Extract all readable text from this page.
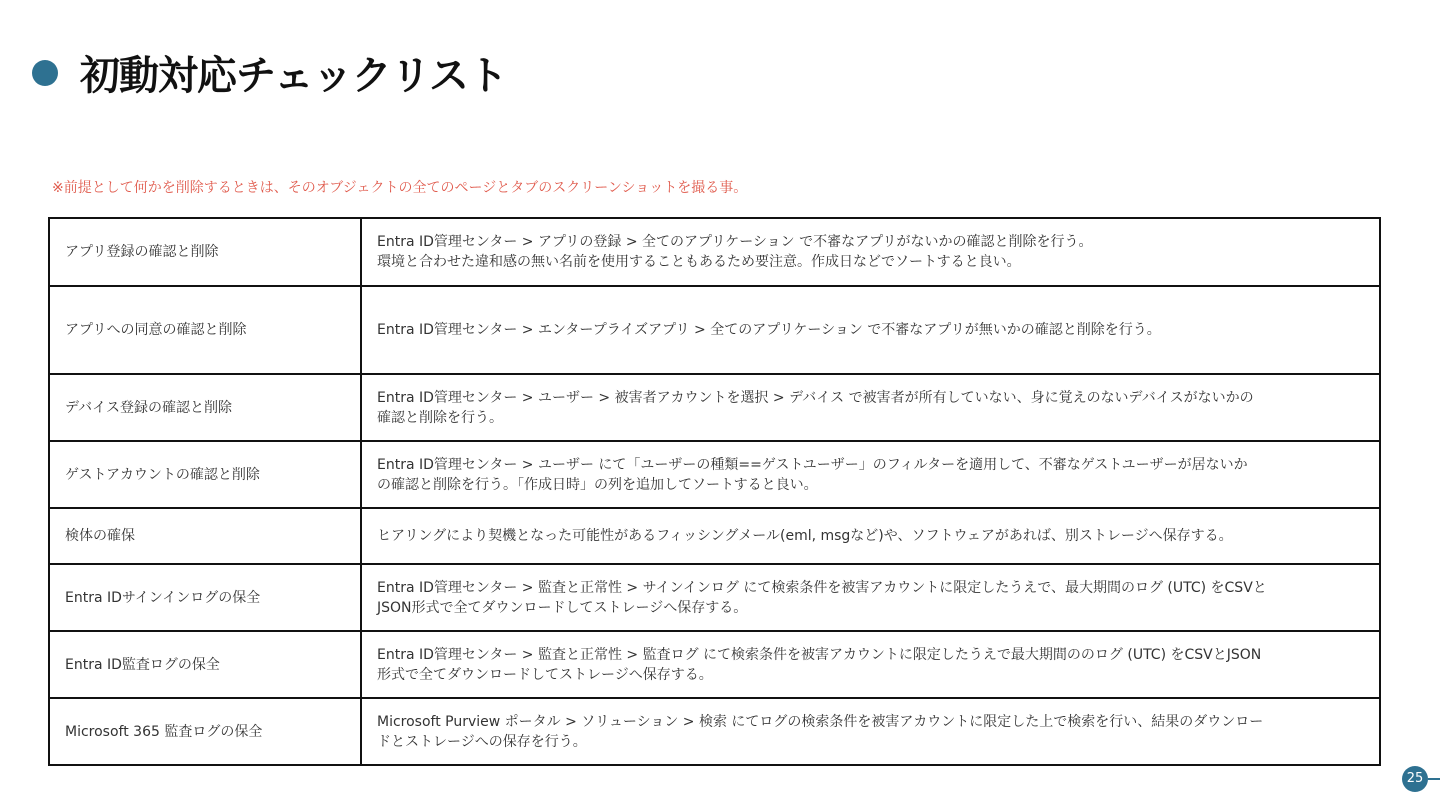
初動対応チェックリスト
※前提として何かを削除するときは、そのオブジェクトの全てのページとタブのスクリーンショットを撮る事。
アプリ登録の確認と削除	Entra ID管理センター > アプリの登録 > 全てのアプリケーション で不審なアプリがないかの確認と削除を行う。
環境と合わせた違和感の無い名前を使用することもあるため要注意。作成日などでソートすると良い。

アプリへの同意の確認と削除	Entra ID管理センター > エンタープライズアプリ > 全てのアプリケーション で不審なアプリが無いかの確認と削除を行う。

デバイス登録の確認と削除	Entra ID管理センター > ユーザー > 被害者アカウントを選択 > デバイス で被害者が所有していない、身に覚えのないデバイスがないかの
確認と削除を行う。

ゲストアカウントの確認と削除	Entra ID管理センター > ユーザー にて「ユーザーの種類==ゲストユーザー」のフィルターを適用して、不審なゲストユーザーが居ないか
の確認と削除を行う。「作成日時」の列を追加してソートすると良い。

検体の確保	ヒアリングにより契機となった可能性があるフィッシングメール(eml, msgなど)や、ソフトウェアがあれば、別ストレージへ保存する。

Entra IDサインインログの保全	Entra ID管理センター > 監査と正常性 > サインインログ にて検索条件を被害アカウントに限定したうえで、最大期間のログ (UTC) をCSVと
JSON形式で全てダウンロードしてストレージへ保存する。

Entra ID監査ログの保全	Entra ID管理センター > 監査と正常性 > 監査ログ にて検索条件を被害アカウントに限定したうえで最大期間ののログ (UTC) をCSVとJSON
形式で全てダウンロードしてストレージへ保存する。

Microsoft 365 監査ログの保全	Microsoft Purview ポータル > ソリューション > 検索 にてログの検索条件を被害アカウントに限定した上で検索を行い、結果のダウンロー
ドとストレージへの保存を行う。
25
